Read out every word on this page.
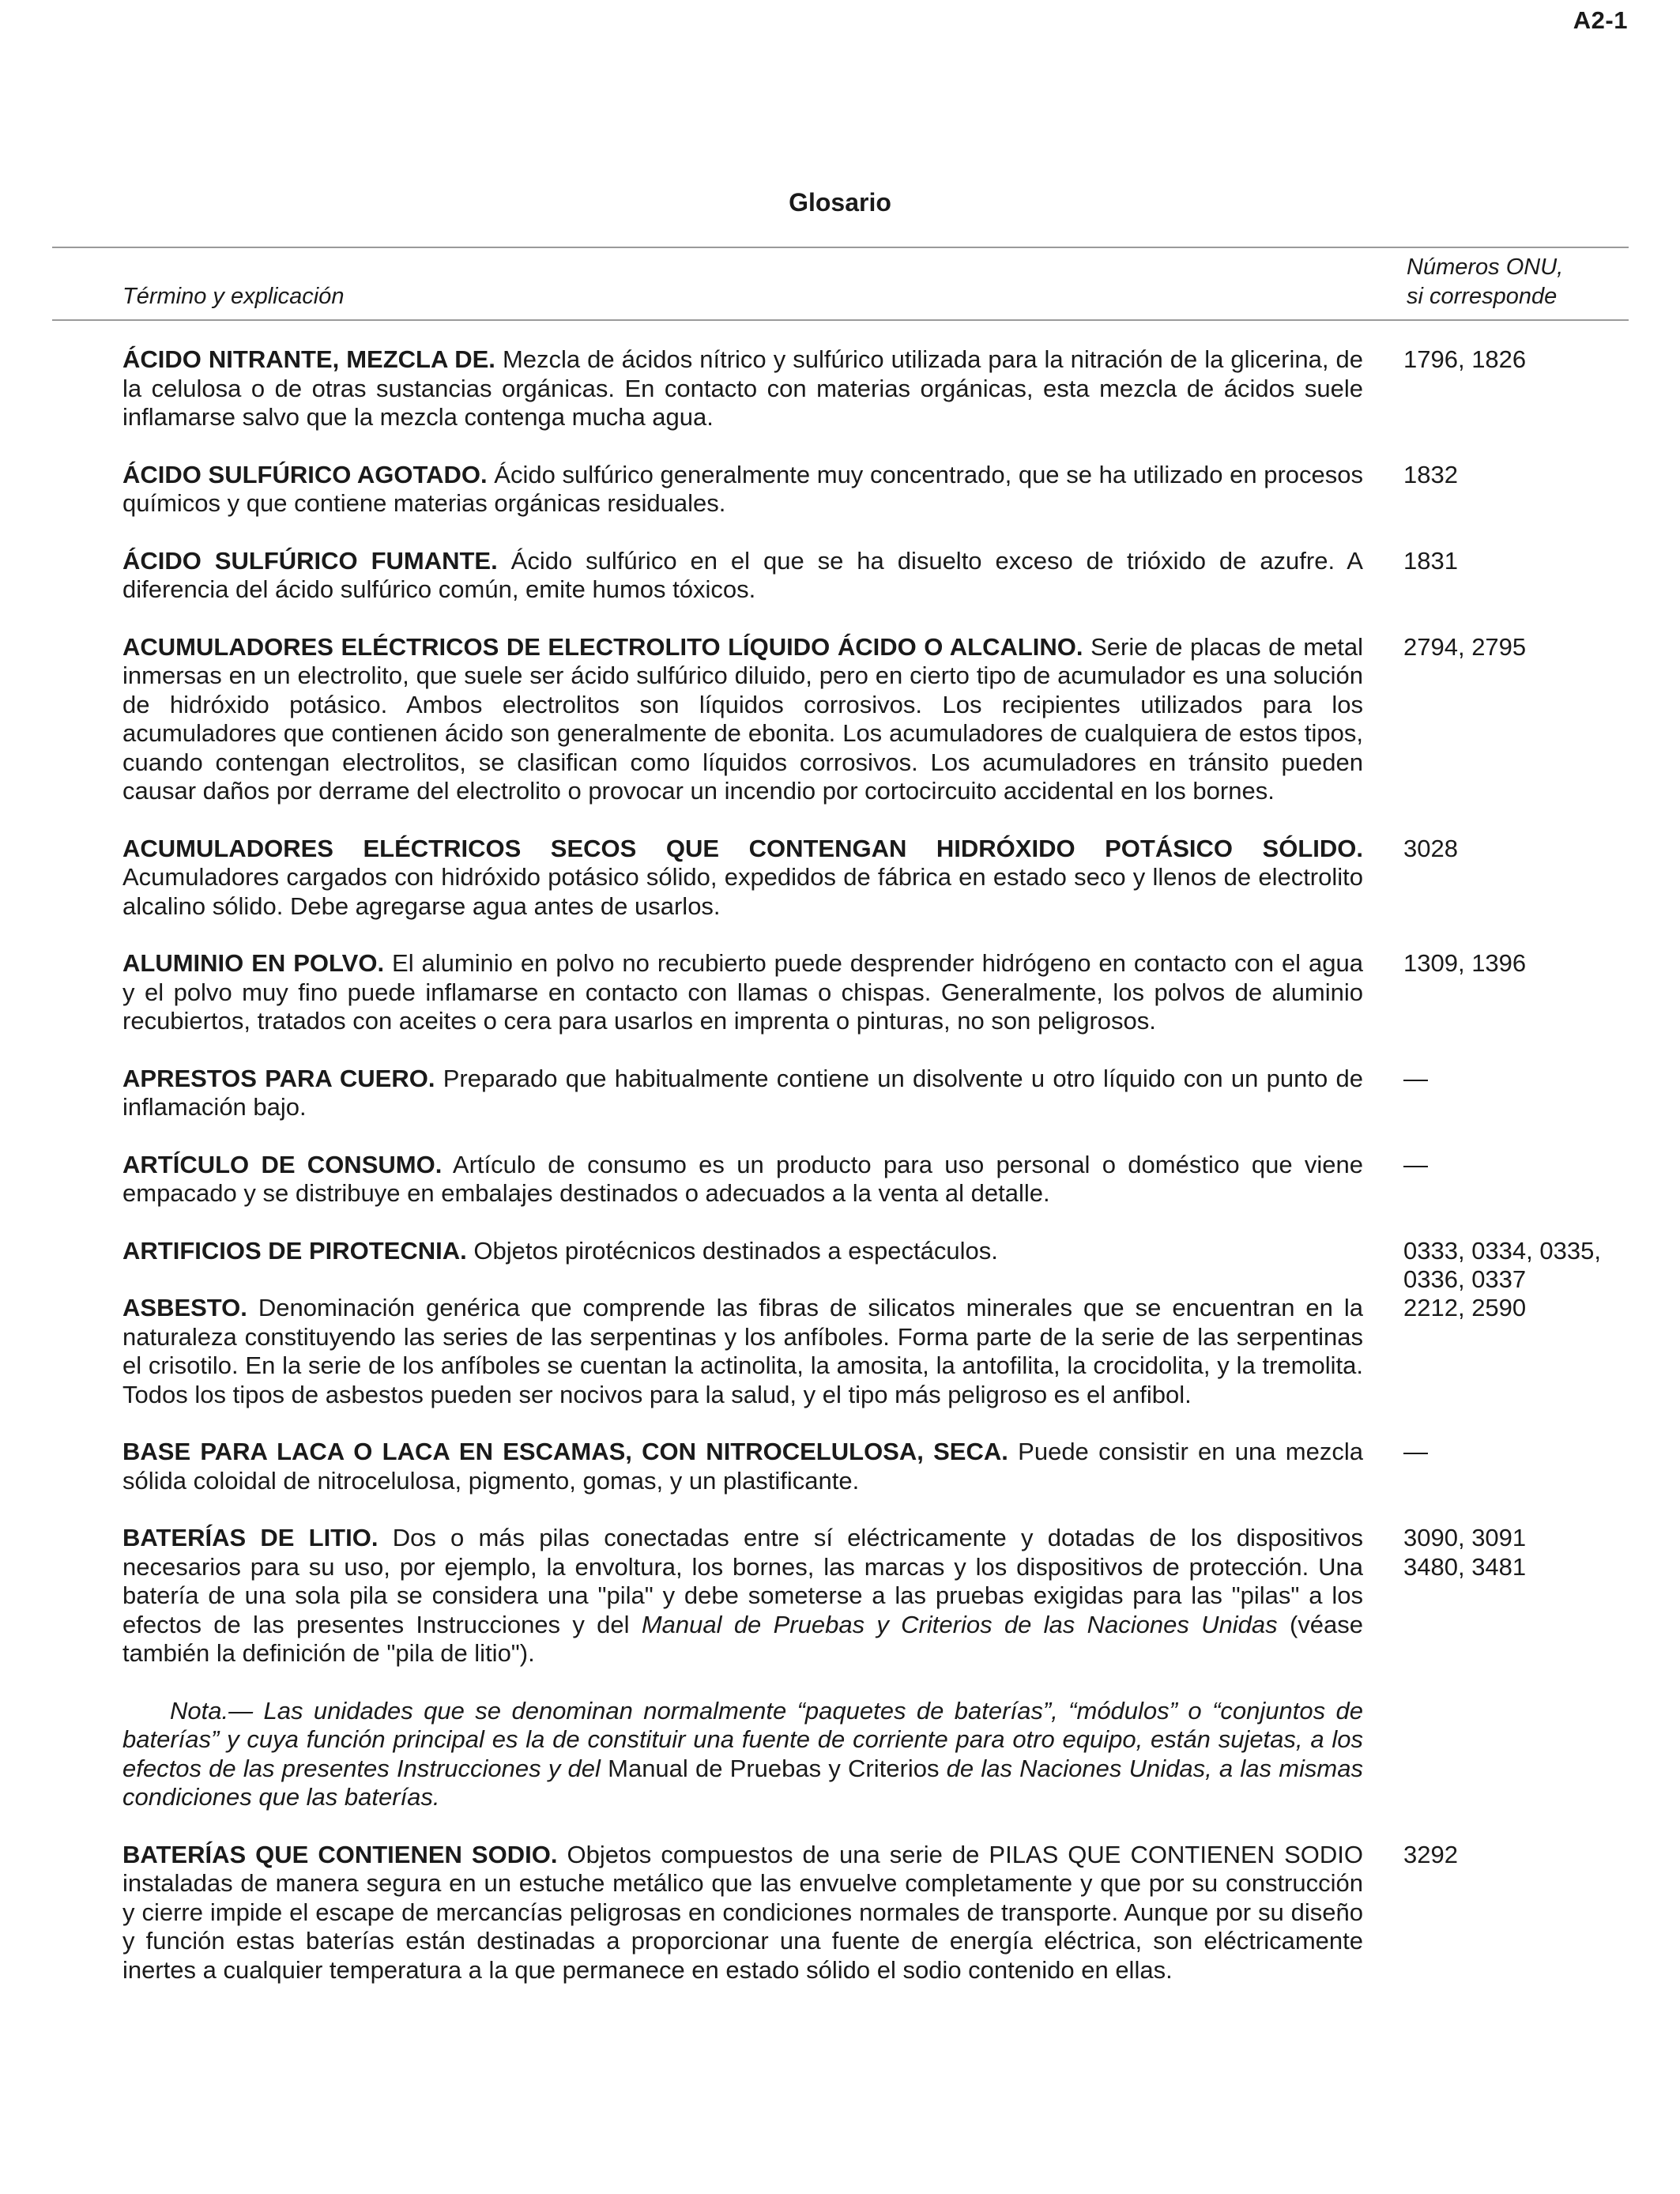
A2-1
Glosario
Término y explicación
Números ONU,
si corresponde
ÁCIDO NITRANTE, MEZCLA DE. Mezcla de ácidos nítrico y sulfúrico utilizada para la nitración de la glicerina, de la celulosa o de otras sustancias orgánicas. En contacto con materias orgánicas, esta mezcla de ácidos suele inflamarse salvo que la mezcla contenga mucha agua.
1796, 1826
ÁCIDO SULFÚRICO AGOTADO. Ácido sulfúrico generalmente muy concentrado, que se ha utilizado en procesos químicos y que contiene materias orgánicas residuales.
1832
ÁCIDO SULFÚRICO FUMANTE. Ácido sulfúrico en el que se ha disuelto exceso de trióxido de azufre. A diferencia del ácido sulfúrico común, emite humos tóxicos.
1831
ACUMULADORES ELÉCTRICOS DE ELECTROLITO LÍQUIDO ÁCIDO O ALCALINO. Serie de placas de metal inmersas en un electrolito, que suele ser ácido sulfúrico diluido, pero en cierto tipo de acumulador es una solución de hidróxido potásico. Ambos electrolitos son líquidos corrosivos. Los recipientes utilizados para los acumuladores que contienen ácido son generalmente de ebonita. Los acumuladores de cualquiera de estos tipos, cuando contengan electrolitos, se clasifican como líquidos corrosivos. Los acumuladores en tránsito pueden causar daños por derrame del electrolito o provocar un incendio por cortocircuito accidental en los bornes.
2794, 2795
ACUMULADORES ELÉCTRICOS SECOS QUE CONTENGAN HIDRÓXIDO POTÁSICO SÓLIDO. Acumuladores cargados con hidróxido potásico sólido, expedidos de fábrica en estado seco y llenos de electrolito alcalino sólido. Debe agregarse agua antes de usarlos.
3028
ALUMINIO EN POLVO. El aluminio en polvo no recubierto puede desprender hidrógeno en contacto con el agua y el polvo muy fino puede inflamarse en contacto con llamas o chispas. Generalmente, los polvos de aluminio recubiertos, tratados con aceites o cera para usarlos en imprenta o pinturas, no son peligrosos.
1309, 1396
APRESTOS PARA CUERO. Preparado que habitualmente contiene un disolvente u otro líquido con un punto de inflamación bajo.
—
ARTÍCULO DE CONSUMO. Artículo de consumo es un producto para uso personal o doméstico que viene empacado y se distribuye en embalajes destinados o adecuados a la venta al detalle.
—
ARTIFICIOS DE PIROTECNIA. Objetos pirotécnicos destinados a espectáculos.	0333, 0334, 0335,
0336, 0337
ASBESTO. Denominación genérica que comprende las fibras de silicatos minerales que se encuentran en la naturaleza constituyendo las series de las serpentinas y los anfíboles. Forma parte de la serie de las serpentinas el crisotilo. En la serie de los anfíboles se cuentan la actinolita, la amosita, la antofilita, la crocidolita, y la tremolita. Todos los tipos de asbestos pueden ser nocivos para la salud, y el tipo más peligroso es el anfibol.
2212, 2590
BASE PARA LACA O LACA EN ESCAMAS, CON NITROCELULOSA, SECA. Puede consistir en una mezcla sólida coloidal de nitrocelulosa, pigmento, gomas, y un plastificante.
—
BATERÍAS DE LITIO. Dos o más pilas conectadas entre sí eléctricamente y dotadas de los dispositivos necesarios para su uso, por ejemplo, la envoltura, los bornes, las marcas y los dispositivos de protección. Una batería de una sola pila se considera una "pila" y debe someterse a las pruebas exigidas para las "pilas" a los efectos de las presentes Instrucciones y del Manual de Pruebas y Criterios de las Naciones Unidas (véase también la definición de "pila de litio").
3090, 3091
3480, 3481
Nota.— Las unidades que se denominan normalmente “paquetes de baterías”, “módulos” o “conjuntos de baterías” y cuya función principal es la de constituir una fuente de corriente para otro equipo, están sujetas, a los efectos de las presentes Instrucciones y del Manual de Pruebas y Criterios de las Naciones Unidas, a las mismas condiciones que las baterías.
BATERÍAS QUE CONTIENEN SODIO. Objetos compuestos de una serie de PILAS QUE CONTIENEN SODIO instaladas de manera segura en un estuche metálico que las envuelve completamente y que por su construcción y cierre impide el escape de mercancías peligrosas en condiciones normales de transporte. Aunque por su diseño y función estas baterías están destinadas a proporcionar una fuente de energía eléctrica, son eléctricamente inertes a cualquier temperatura a la que permanece en estado sólido el sodio contenido en ellas.
3292
